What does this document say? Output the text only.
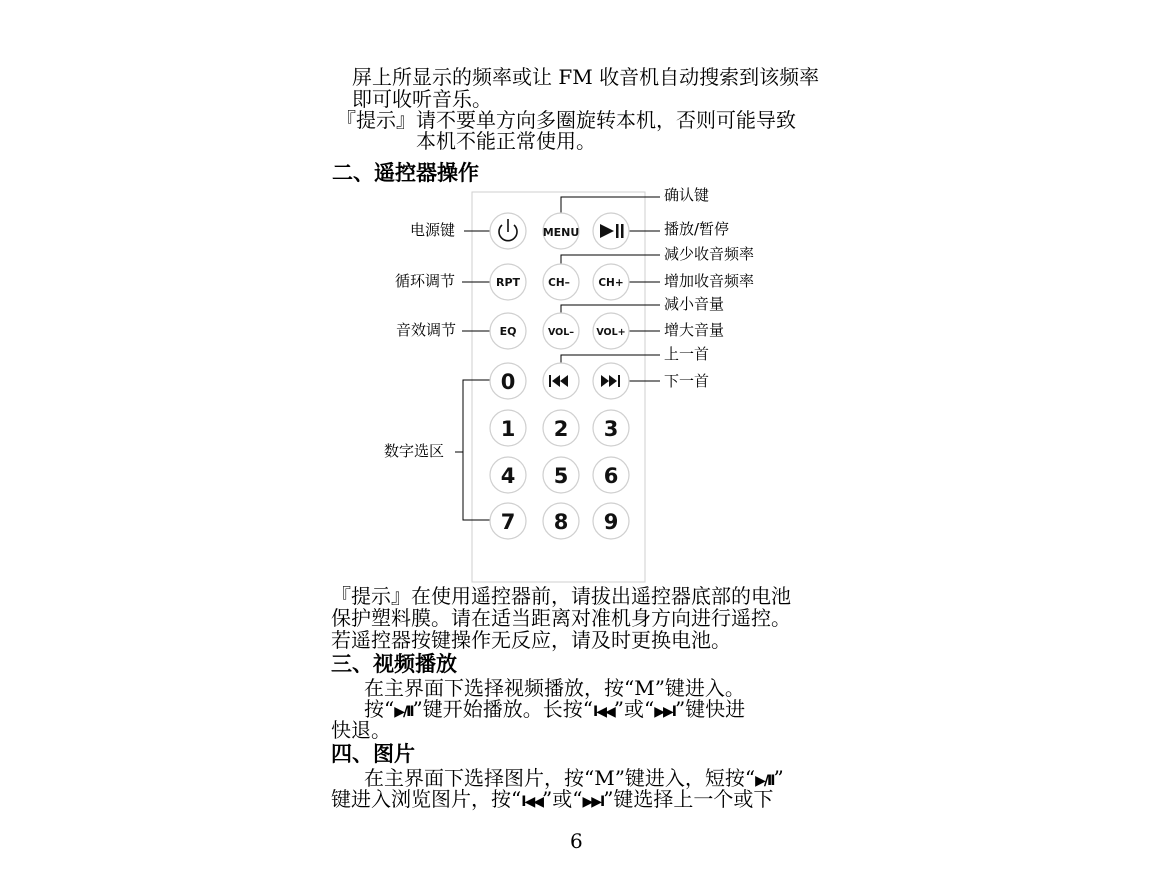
屏上所显示的频率或让 FM 收音机自动搜索到该频率
即可收听音乐。
『提示』 请不要单方向多圈旋转本机，否则可能导致
本机不能正常使用。
二、遥控器操作
MENU
RPT	CH–	CH+
EQ	VOL– VOL+
0
1 2 3
4 5 6
7 8 9
确认键
电源键	播放/暂停
减少收音频率
循环调节	增加收音频率
减小音量
音效调节	增大音量
上一首
下一首
数字选区
『提示』 在使用遥控器前，请拔出遥控器底部的电池
保护塑料膜。请在适当距离对准机身方向进行遥控。
若遥控器按键操作无反应，请及时更换电池。
三、视频播放
在主界面下选择视频播放，按“M”键进入。
按“▶/II”键开始播放。长按“I◀◀”或“▶▶I”键快进
快退。
四、图片
在主界面下选择图片，按“M”键进入，短按“▶/II”
键进入浏览图片，按“I◀◀”或“▶▶I”键选择上一个或下
6
